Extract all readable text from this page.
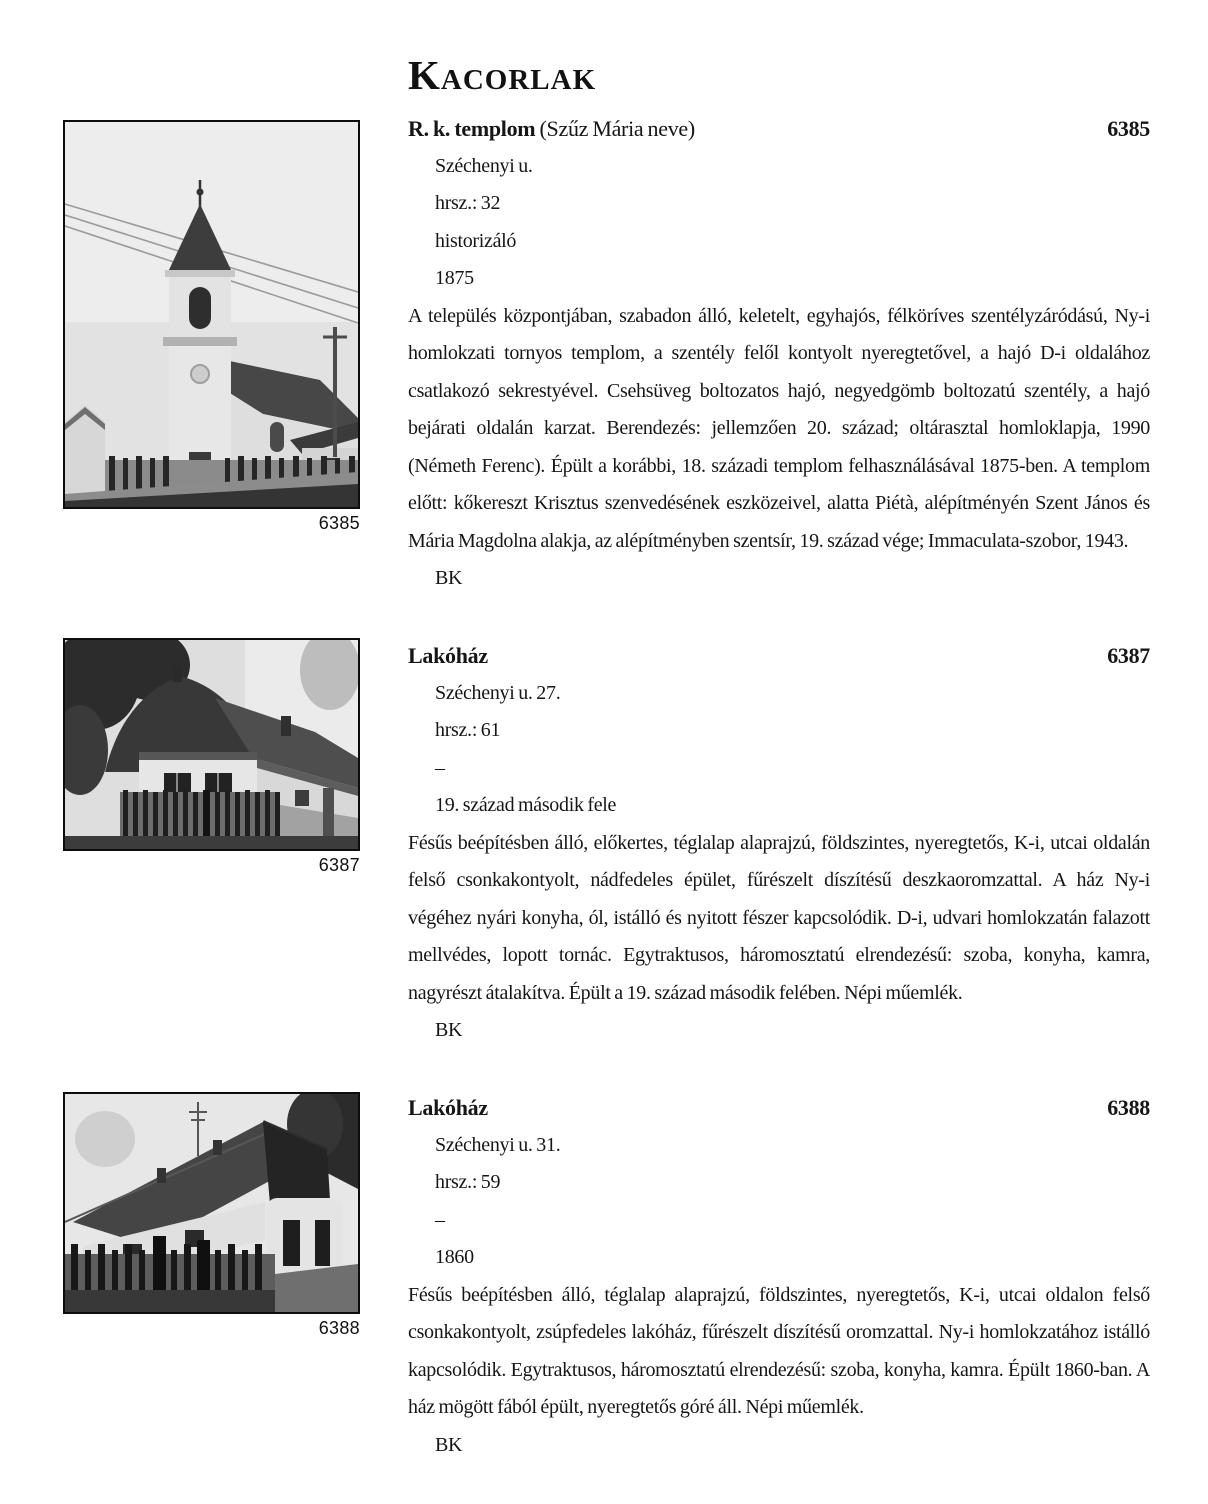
Kacorlak
6385
6387
6388
R. k. templom (Szűz Mária neve)	6385
Széchenyi u.
hrsz.: 32
historizáló
1875
A település központjában, szabadon álló, keletelt, egyhajós, félköríves szentélyzáródású, Ny-i homlokzati tornyos templom, a szentély felől kontyolt nyeregtetővel, a hajó D-i oldalához csatlakozó sekrestyével. Csehsüveg boltozatos hajó, negyedgömb boltozatú szentély, a hajó bejárati oldalán karzat. Berendezés: jellemzően 20. század; oltárasztal homloklapja, 1990 (Németh Ferenc). Épült a korábbi, 18. századi templom felhasználásával 1875-ben. A templom előtt: kőkereszt Krisztus szenvedésének eszközeivel, alatta Piétà, alépítményén Szent János és Mária Magdolna alakja, az alépítményben szentsír, 19. század vége; Immaculata-szobor, 1943.
BK
Lakóház	6387
Széchenyi u. 27.
hrsz.: 61
–
19. század második fele
Fésűs beépítésben álló, előkertes, téglalap alaprajzú, földszintes, nyeregtetős, K-i, utcai oldalán felső csonkakontyolt, nádfedeles épület, fűrészelt díszítésű deszkaoromzattal. A ház Ny-i végéhez nyári konyha, ól, istálló és nyitott fészer kapcsolódik. D-i, udvari homlokzatán falazott mellvédes, lopott tornác. Egytraktusos, háromosztatú elrendezésű: szoba, konyha, kamra, nagyrészt átalakítva. Épült a 19. század második felében. Népi műemlék.
BK
Lakóház	6388
Széchenyi u. 31.
hrsz.: 59
–
1860
Fésűs beépítésben álló, téglalap alaprajzú, földszintes, nyeregtetős, K-i, utcai oldalon felső csonkakontyolt, zsúpfedeles lakóház, fűrészelt díszítésű oromzattal. Ny-i homlokzatához istálló kapcsolódik. Egytraktusos, háromosztatú elrendezésű: szoba, konyha, kamra. Épült 1860-ban. A ház mögött fából épült, nyeregtetős góré áll. Népi műemlék.
BK
